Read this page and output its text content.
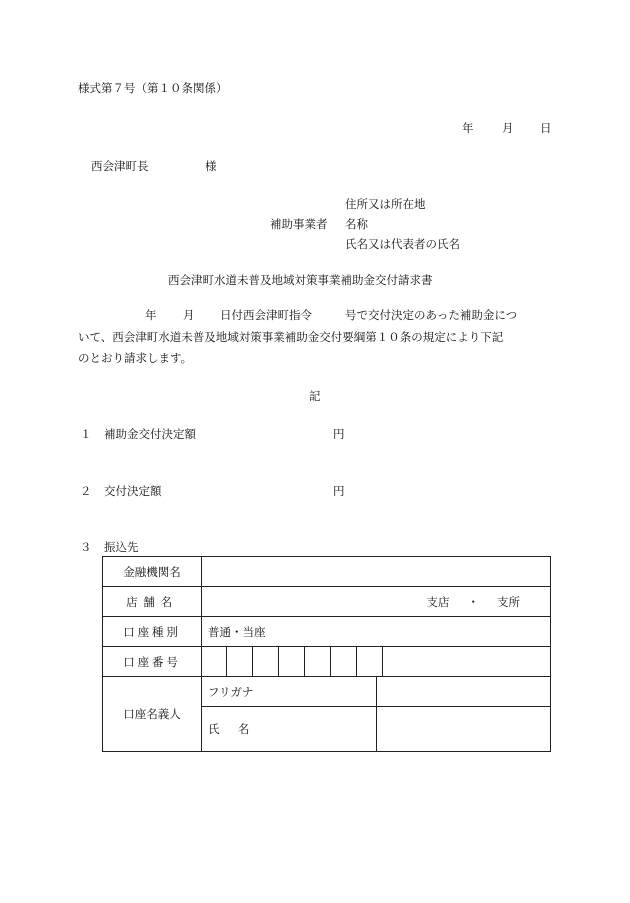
様式第７号（第１０条関係）
年 月 日
西会津町長	様
住所又は所在地
補助事業者 名称
氏名又は代表者の氏名
西会津町水道未普及地域対策事業補助金交付請求書
年 月 日付西会津町指令	号で交付決定のあった補助金につ
いて、西会津町水道未普及地域対策事業補助金交付要綱第１０条の規定により下記
のとおり請求します。
記
１ 補助金交付決定額	円
２ 交付決定額	円
３ 振込先
金融機関名	
店舗名	支店 ・ 支所

口座種別	普通・当座
口座番号	

口座名義人	フリガナ	
氏名	
